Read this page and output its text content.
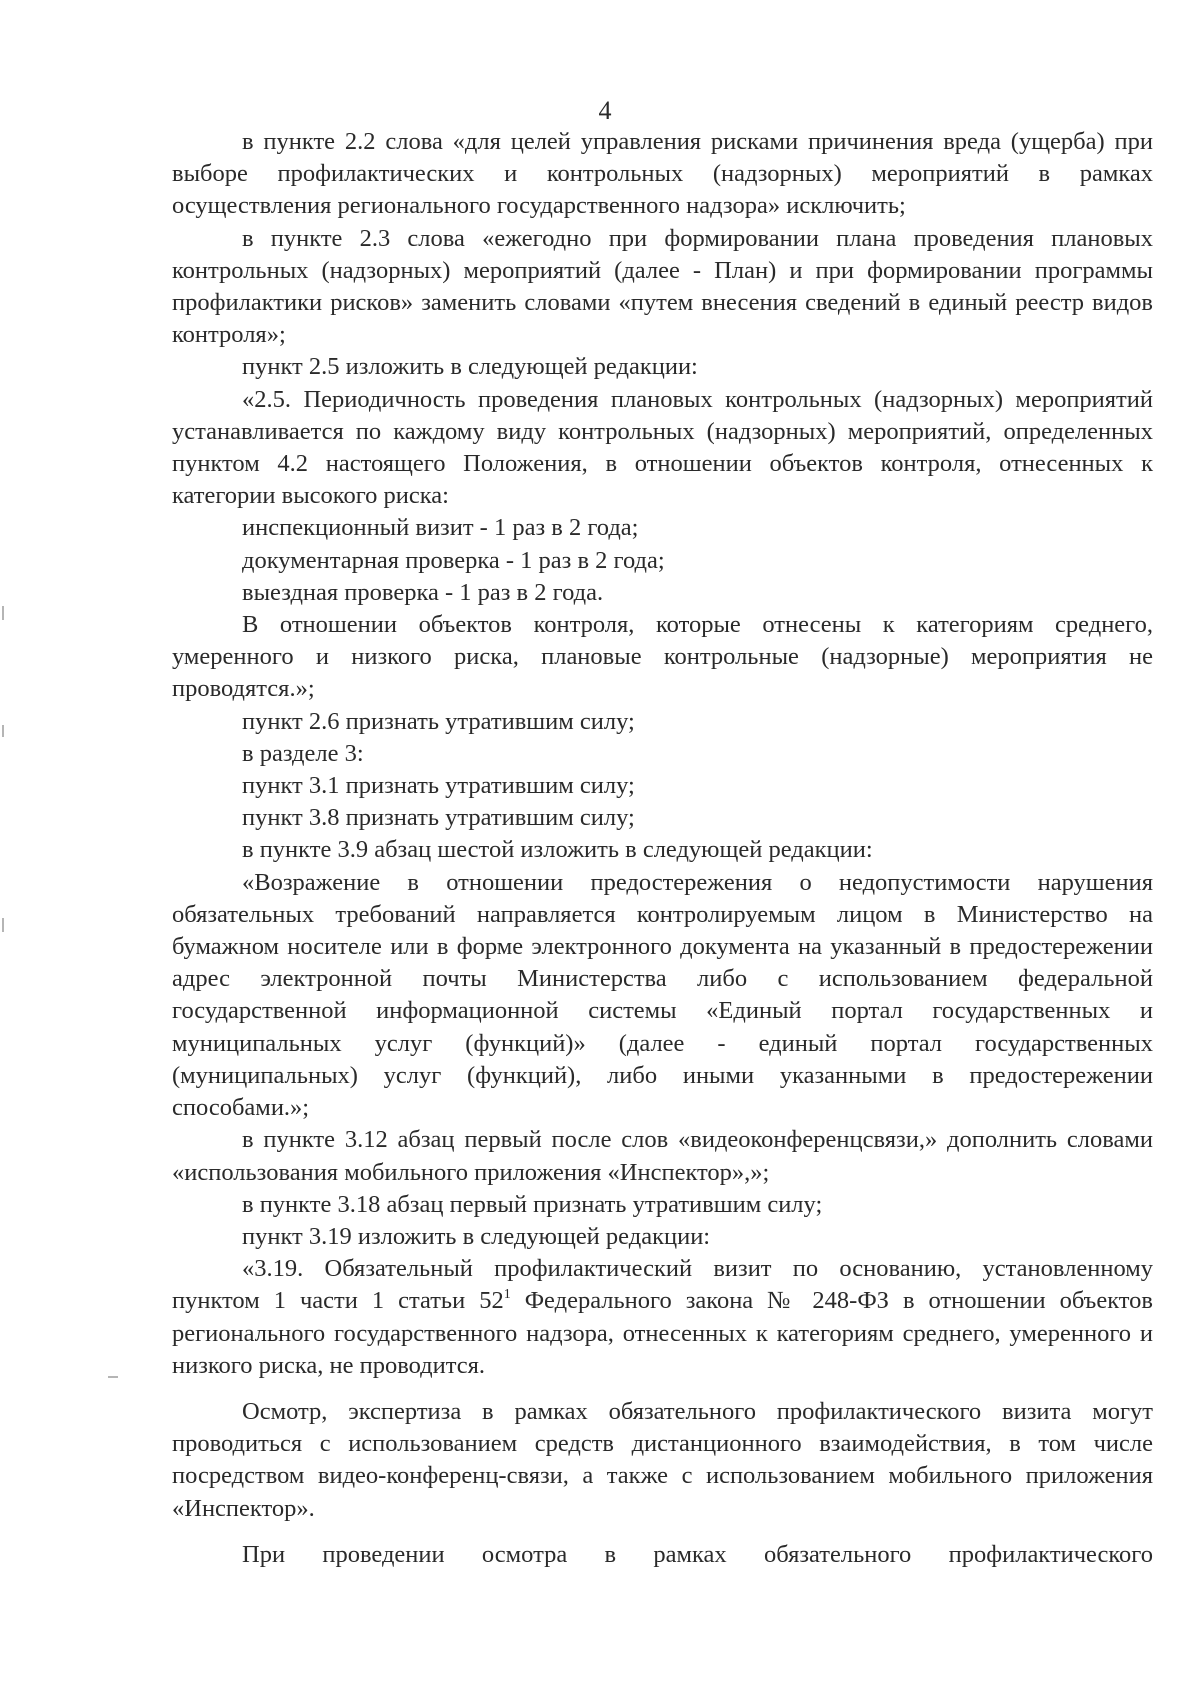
4

в пункте 2.2 слова «для целей управления рисками причинения вреда (ущерба) при выборе профилактических и контрольных (надзорных) мероприятий в рамках осуществления регионального государственного надзора» исключить;

в пункте 2.3 слова «ежегодно при формировании плана проведения плановых контрольных (надзорных) мероприятий (далее - План) и при формировании программы профилактики рисков» заменить словами «путем внесения сведений в единый реестр видов контроля»;

пункт 2.5 изложить в следующей редакции:

«2.5. Периодичность проведения плановых контрольных (надзорных) мероприятий устанавливается по каждому виду контрольных (надзорных) мероприятий, определенных пунктом 4.2 настоящего Положения, в отношении объектов контроля, отнесенных к категории высокого риска:

инспекционный визит - 1 раз в 2 года;

документарная проверка - 1 раз в 2 года;

выездная проверка - 1 раз в 2 года.

В отношении объектов контроля, которые отнесены к категориям среднего, умеренного и низкого риска, плановые контрольные (надзорные) мероприятия не проводятся.»;

пункт 2.6 признать утратившим силу;

в разделе 3:

пункт 3.1 признать утратившим силу;

пункт 3.8 признать утратившим силу;

в пункте 3.9 абзац шестой изложить в следующей редакции:

«Возражение в отношении предостережения о недопустимости нарушения обязательных требований направляется контролируемым лицом в Министерство на бумажном носителе или в форме электронного документа на указанный в предостережении адрес электронной почты Министерства либо с использованием федеральной государственной информационной системы «Единый портал государственных и муниципальных услуг (функций)» (далее - единый портал государственных (муниципальных) услуг (функций), либо иными указанными в предостережении способами.»;

в пункте 3.12 абзац первый после слов «видеоконференцсвязи,» дополнить словами «использования мобильного приложения «Инспектор»,»;

в пункте 3.18 абзац первый признать утратившим силу;

пункт 3.19 изложить в следующей редакции:

«3.19. Обязательный профилактический визит по основанию, установленному пунктом 1 части 1 статьи $52^1$ Федерального закона № 248-ФЗ в отношении объектов регионального государственного надзора, отнесенных к категориям среднего, умеренного и низкого риска, не проводится.

Осмотр, экспертиза в рамках обязательного профилактического визита могут проводиться с использованием средств дистанционного взаимодействия, в том числе посредством видео-конференц-связи, а также с использованием мобильного приложения «Инспектор».

При проведении осмотра в рамках обязательного профилактического
